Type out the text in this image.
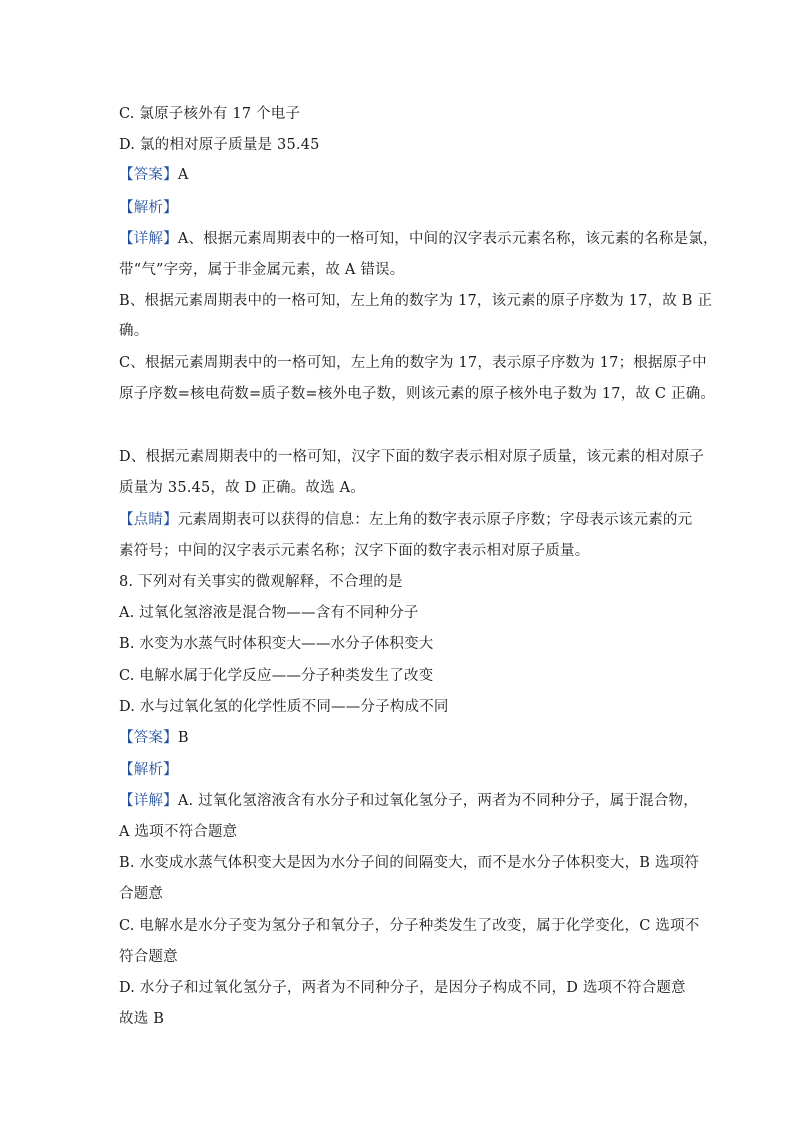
C. 氯原子核外有 17 个电子
D. 氯的相对原子质量是 35.45
【答案】A
【解析】
【详解】A、根据元素周期表中的一格可知，中间的汉字表示元素名称，该元素的名称是氯，
带“气”字旁，属于非金属元素，故 A 错误。
B、根据元素周期表中的一格可知，左上角的数字为 17，该元素的原子序数为 17，故 B 正
确。
C、根据元素周期表中的一格可知，左上角的数字为 17，表示原子序数为 17；根据原子中
原子序数=核电荷数=质子数=核外电子数，则该元素的原子核外电子数为 17，故 C 正确。
D、根据元素周期表中的一格可知，汉字下面的数字表示相对原子质量，该元素的相对原子
质量为 35.45，故 D 正确。故选 A。
【点睛】元素周期表可以获得的信息：左上角的数字表示原子序数；字母表示该元素的元
素符号；中间的汉字表示元素名称；汉字下面的数字表示相对原子质量。
8. 下列对有关事实的微观解释，不合理的是
A. 过氧化氢溶液是混合物——含有不同种分子
B. 水变为水蒸气时体积变大——水分子体积变大
C. 电解水属于化学反应——分子种类发生了改变
D. 水与过氧化氢的化学性质不同——分子构成不同
【答案】B
【解析】
【详解】A. 过氧化氢溶液含有水分子和过氧化氢分子，两者为不同种分子，属于混合物，
A 选项不符合题意
B. 水变成水蒸气体积变大是因为水分子间的间隔变大，而不是水分子体积变大，B 选项符
合题意
C. 电解水是水分子变为氢分子和氧分子，分子种类发生了改变，属于化学变化，C 选项不
符合题意
D. 水分子和过氧化氢分子，两者为不同种分子，是因分子构成不同，D 选项不符合题意
故选 B
